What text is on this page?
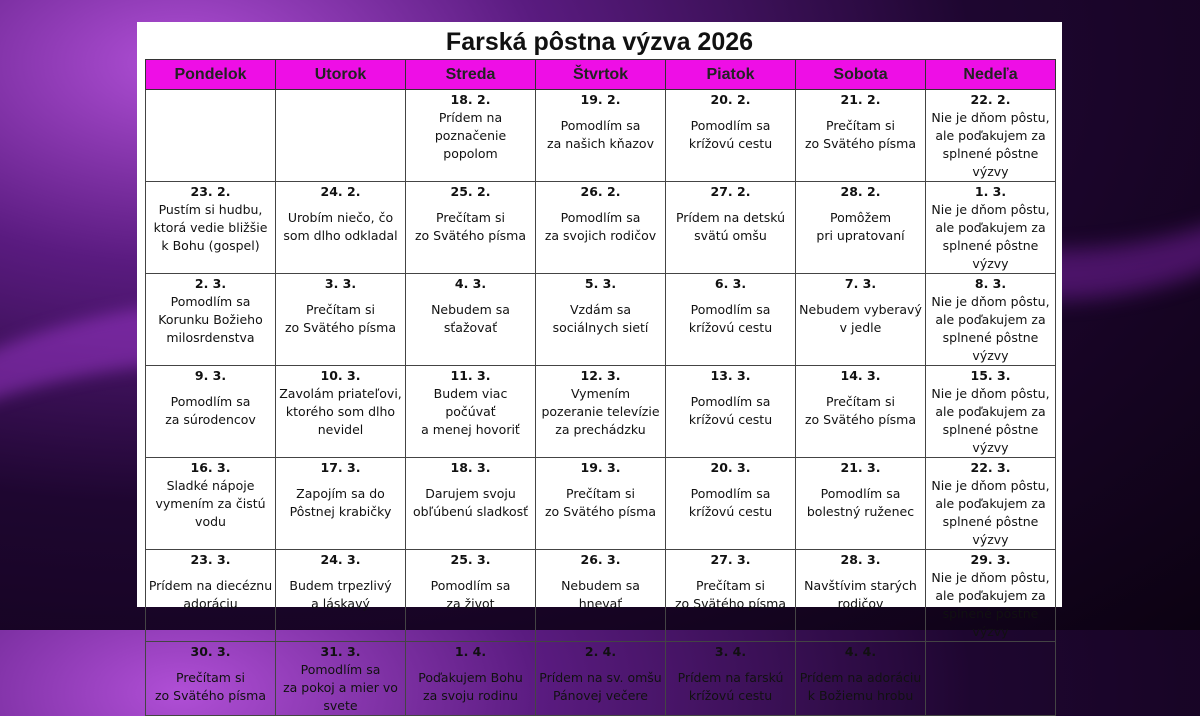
Farská pôstna výzva 2026
Pondelok	Utorok	Streda	Štvrtok	Piatok	Sobota	Nedeľa

		18. 2.
Prídem na
poznačenie
popolom	19. 2.
Pomodlím sa
za našich kňazov	20. 2.
Pomodlím sa
krížovú cestu	21. 2.
Prečítam si
zo Svätého písma	22. 2.
Nie je dňom pôstu,
ale poďakujem za
splnené pôstne výzvy

23. 2.
Pustím si hudbu,
ktorá vedie bližšie
k Bohu (gospel)	24. 2.
Urobím niečo, čo
som dlho odkladal	25. 2.
Prečítam si
zo Svätého písma	26. 2.
Pomodlím sa
za svojich rodičov	27. 2.
Prídem na detskú
svätú omšu	28. 2.
Pomôžem
pri upratovaní	1. 3.
Nie je dňom pôstu,
ale poďakujem za
splnené pôstne výzvy

2. 3.
Pomodlím sa
Korunku Božieho
milosrdenstva	3. 3.
Prečítam si
zo Svätého písma	4. 3.
Nebudem sa
sťažovať	5. 3.
Vzdám sa
sociálnych sietí	6. 3.
Pomodlím sa
krížovú cestu	7. 3.
Nebudem vyberavý
v jedle	8. 3.
Nie je dňom pôstu,
ale poďakujem za
splnené pôstne výzvy

9. 3.
Pomodlím sa
za súrodencov	10. 3.
Zavolám priateľovi,
ktorého som dlho
nevidel	11. 3.
Budem viac
počúvať
a menej hovoriť	12. 3.
Vymením
pozeranie televízie
za prechádzku	13. 3.
Pomodlím sa
krížovú cestu	14. 3.
Prečítam si
zo Svätého písma	15. 3.
Nie je dňom pôstu,
ale poďakujem za
splnené pôstne výzvy

16. 3.
Sladké nápoje
vymením za čistú
vodu	17. 3.
Zapojím sa do
Pôstnej krabičky	18. 3.
Darujem svoju
obľúbenú sladkosť	19. 3.
Prečítam si
zo Svätého písma	20. 3.
Pomodlím sa
krížovú cestu	21. 3.
Pomodlím sa
bolestný ruženec	22. 3.
Nie je dňom pôstu,
ale poďakujem za
splnené pôstne výzvy

23. 3.
Prídem na diecéznu
adoráciu	24. 3.
Budem trpezlivý
a láskavý	25. 3.
Pomodlím sa
za život	26. 3.
Nebudem sa
hnevať	27. 3.
Prečítam si
zo Svätého písma	28. 3.
Navštívim starých
rodičov	29. 3.
Nie je dňom pôstu,
ale poďakujem za
splnené pôstne výzvy

30. 3.
Prečítam si
zo Svätého písma	31. 3.
Pomodlím sa
za pokoj a mier vo
svete	1. 4.
Poďakujem Bohu
za svoju rodinu	2. 4.
Prídem na sv. omšu
Pánovej večere	3. 4.
Prídem na farskú
krížovú cestu	4. 4.
Prídem na adoráciu
k Božiemu hrobu	
